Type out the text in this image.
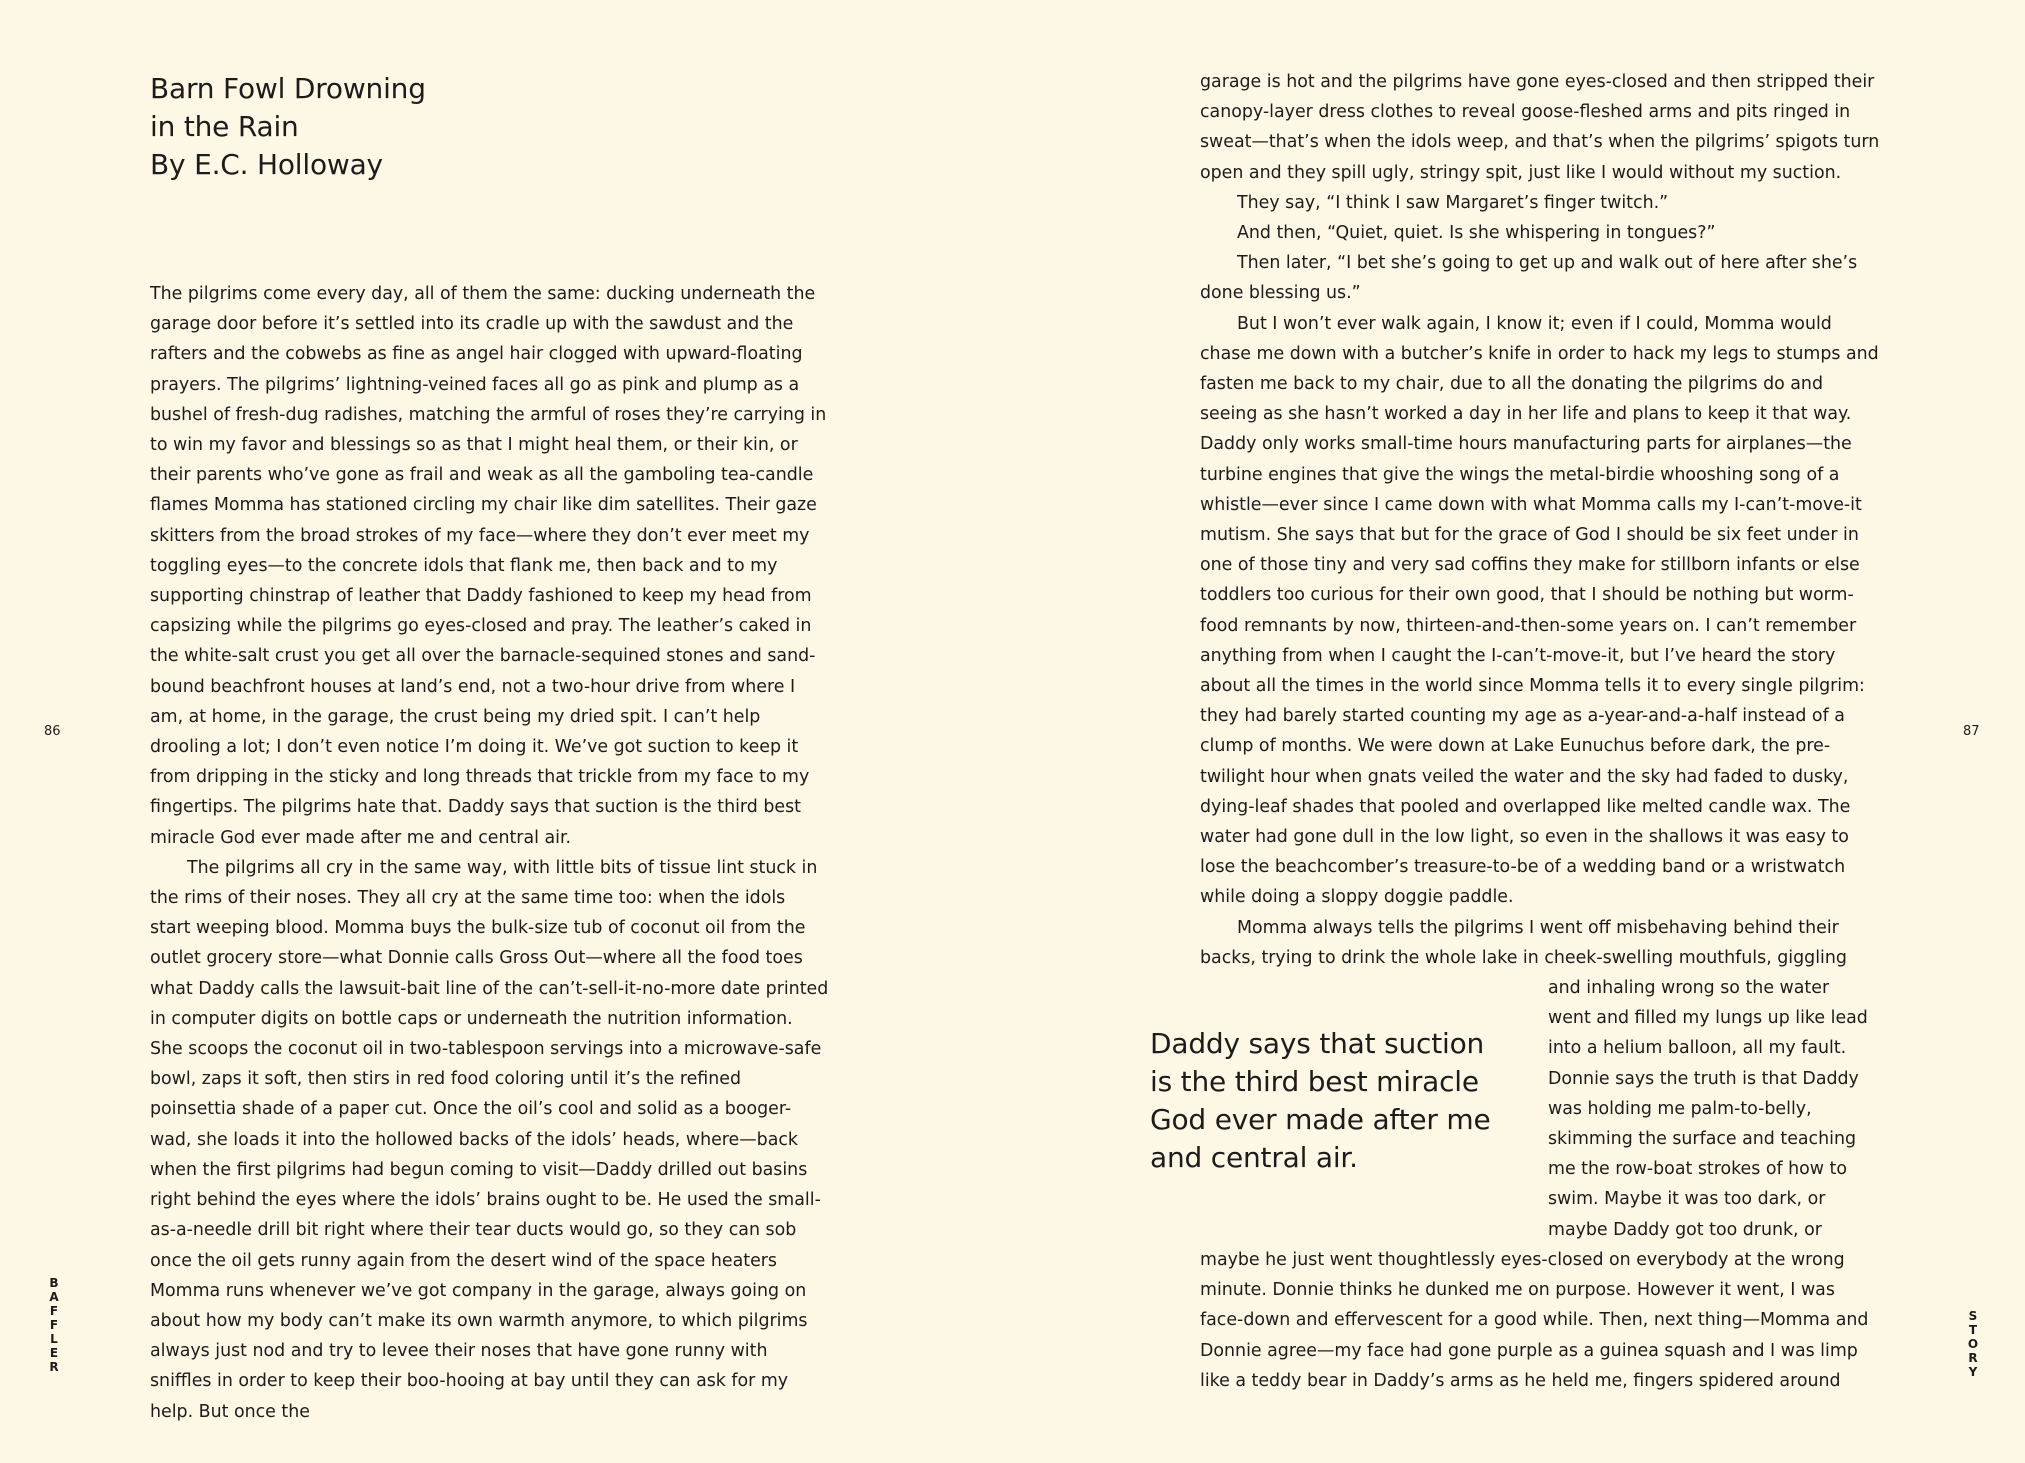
Barn Fowl Drowning
in the Rain
By E.C. Holloway

The pilgrims come every day, all of them the same: ducking underneath the garage door before it’s settled into its cradle up with the sawdust and the rafters and the cobwebs as fine as angel hair clogged with upward-floating prayers. The pilgrims’ lightning-veined faces all go as pink and plump as a bushel of fresh-dug radishes, matching the armful of roses they’re carrying in to win my favor and blessings so as that I might heal them, or their kin, or their parents who’ve gone as frail and weak as all the gamboling tea-candle flames Momma has stationed circling my chair like dim satellites. Their gaze skitters from the broad strokes of my face—where they don’t ever meet my toggling eyes—to the concrete idols that flank me, then back and to my supporting chinstrap of leather that Daddy fashioned to keep my head from capsizing while the pilgrims go eyes-closed and pray. The leather’s caked in the white-salt crust you get all over the barnacle-sequined stones and sand-bound beachfront houses at land’s end, not a two-hour drive from where I am, at home, in the garage, the crust being my dried spit. I can’t help drooling a lot; I don’t even notice I’m doing it. We’ve got suction to keep it from dripping in the sticky and long threads that trickle from my face to my fingertips. The pilgrims hate that. Daddy says that suction is the third best miracle God ever made after me and central air.

The pilgrims all cry in the same way, with little bits of tissue lint stuck in the rims of their noses. They all cry at the same time too: when the idols start weeping blood. Momma buys the bulk-size tub of coconut oil from the outlet grocery store—what Donnie calls Gross Out—where all the food toes what Daddy calls the lawsuit-bait line of the can’t-sell-it-no-more date printed in computer digits on bottle caps or underneath the nutrition information. She scoops the coconut oil in two-tablespoon servings into a microwave-safe bowl, zaps it soft, then stirs in red food coloring until it’s the refined poinsettia shade of a paper cut. Once the oil’s cool and solid as a booger-wad, she loads it into the hollowed backs of the idols’ heads, where—back when the first pilgrims had begun coming to visit—Daddy drilled out basins right behind the eyes where the idols’ brains ought to be. He used the small-as-a-needle drill bit right where their tear ducts would go, so they can sob once the oil gets runny again from the desert wind of the space heaters Momma runs whenever we’ve got company in the garage, always going on about how my body can’t make its own warmth anymore, to which pilgrims always just nod and try to levee their noses that have gone runny with sniffles in order to keep their boo-hooing at bay until they can ask for my help. But once the

86
BAFFLER

garage is hot and the pilgrims have gone eyes-closed and then stripped their canopy-layer dress clothes to reveal goose-fleshed arms and pits ringed in sweat—that’s when the idols weep, and that’s when the pilgrims’ spigots turn open and they spill ugly, stringy spit, just like I would without my suction.

They say, “I think I saw Margaret’s finger twitch.”

And then, “Quiet, quiet. Is she whispering in tongues?”

Then later, “I bet she’s going to get up and walk out of here after she’s done blessing us.”

But I won’t ever walk again, I know it; even if I could, Momma would chase me down with a butcher’s knife in order to hack my legs to stumps and fasten me back to my chair, due to all the donating the pilgrims do and seeing as she hasn’t worked a day in her life and plans to keep it that way. Daddy only works small-time hours manufacturing parts for airplanes—the turbine engines that give the wings the metal-birdie whooshing song of a whistle—ever since I came down with what Momma calls my I-can’t-move-it mutism. She says that but for the grace of God I should be six feet under in one of those tiny and very sad coffins they make for stillborn infants or else toddlers too curious for their own good, that I should be nothing but worm-food remnants by now, thirteen-and-then-some years on. I can’t remember anything from when I caught the I-can’t-move-it, but I’ve heard the story about all the times in the world since Momma tells it to every single pilgrim: they had barely started counting my age as a-year-and-a-half instead of a clump of months. We were down at Lake Eunuchus before dark, the pre-twilight hour when gnats veiled the water and the sky had faded to dusky, dying-leaf shades that pooled and overlapped like melted candle wax. The water had gone dull in the low light, so even in the shallows it was easy to lose the beachcomber’s treasure-to-be of a wedding band or a wristwatch while doing a sloppy doggie paddle.

Momma always tells the pilgrims I went off misbehaving behind their backs, trying to drink the whole lake in cheek-swelling mouthfuls, giggling

Daddy says that suction is the third best miracle God ever made after me and central air.
and inhaling wrong so the water
went and filled my lungs up like lead
into a helium balloon, all my fault.
Donnie says the truth is that Daddy
was holding me palm-to-belly,
skimming the surface and teaching
me the row-boat strokes of how to
swim. Maybe it was too dark, or
maybe Daddy got too drunk, or

maybe he just went thoughtlessly eyes-closed on everybody at the wrong minute. Donnie thinks he dunked me on purpose. However it went, I was face-down and effervescent for a good while. Then, next thing—Momma and Donnie agree—my face had gone purple as a guinea squash and I was limp like a teddy bear in Daddy’s arms as he held me, fingers spidered around

87
STORY
